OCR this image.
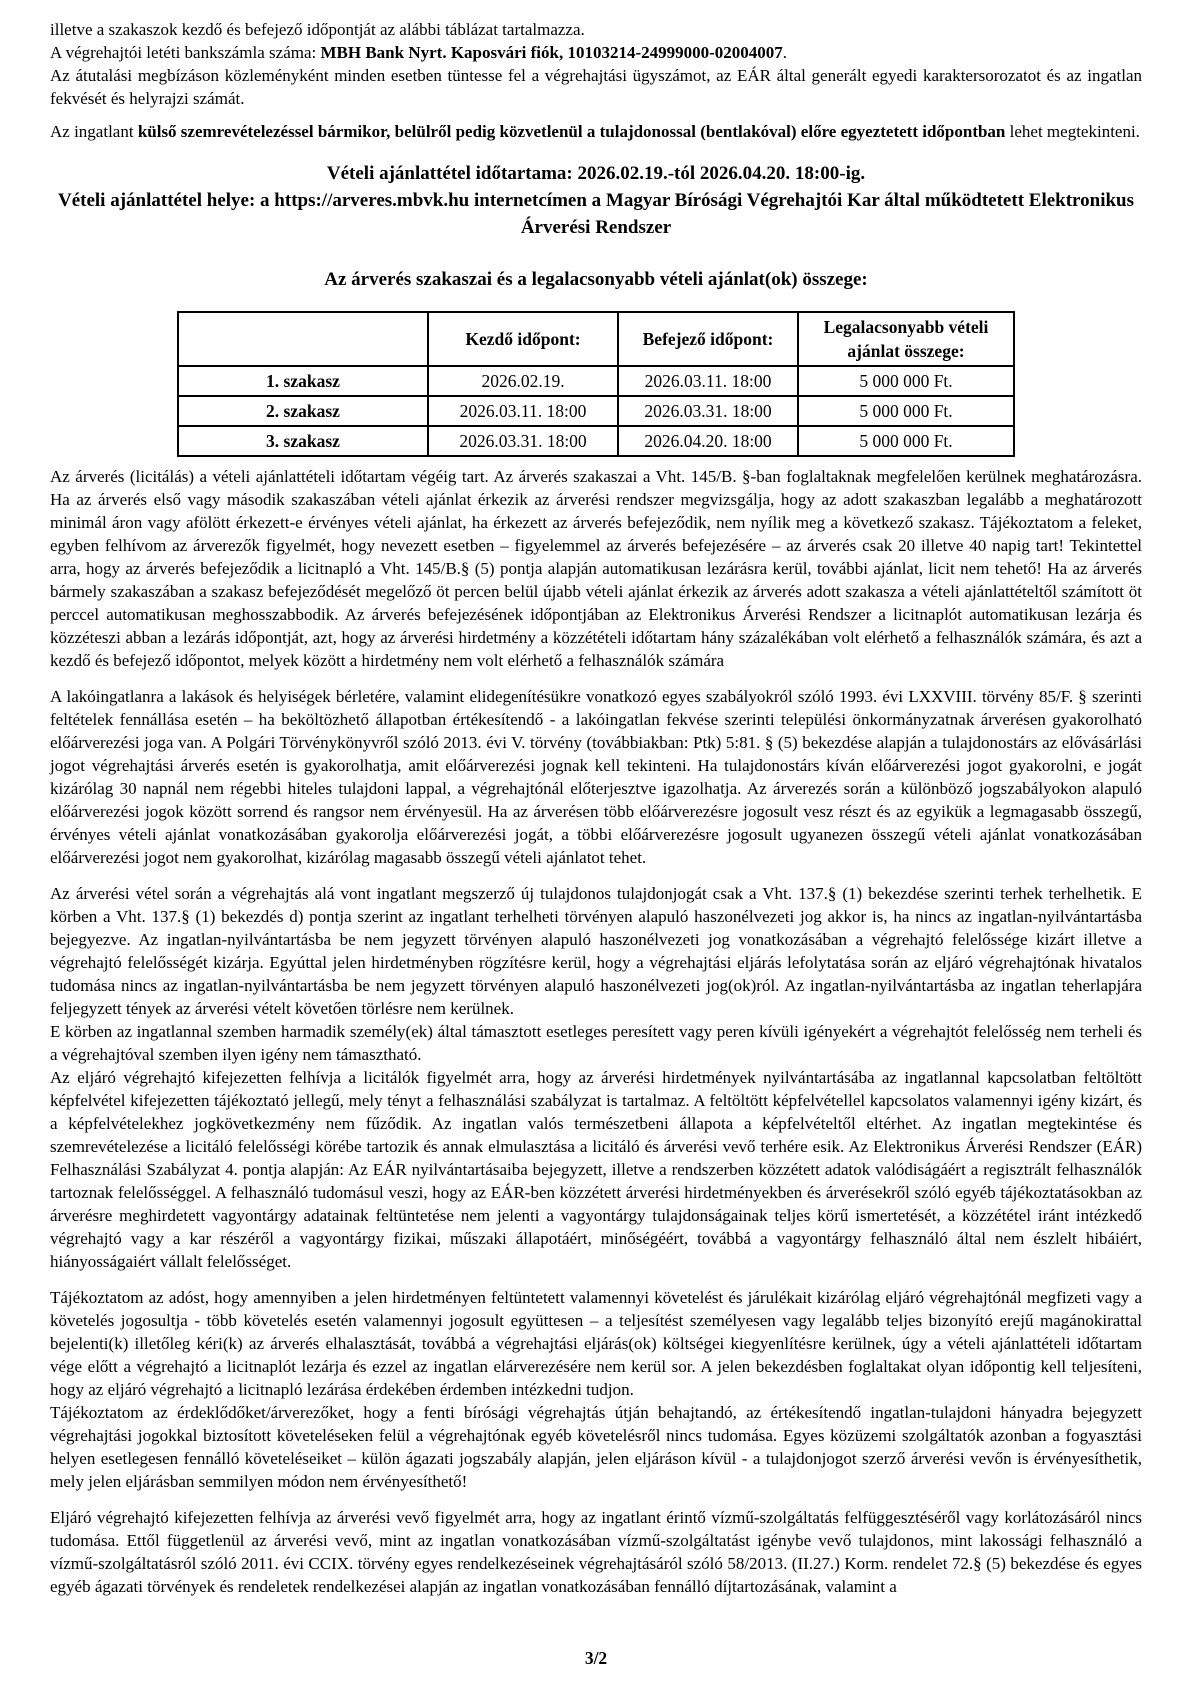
illetve a szakaszok kezdő és befejező időpontját az alábbi táblázat tartalmazza.

A végrehajtói letéti bankszámla száma: MBH Bank Nyrt. Kaposvári fiók, 10103214-24999000-02004007.

Az átutalási megbízáson közleményként minden esetben tüntesse fel a végrehajtási ügyszámot, az EÁR által generált egyedi karaktersorozatot és az ingatlan fekvését és helyrajzi számát.

Az ingatlant külső szemrevételezéssel bármikor, belülről pedig közvetlenül a tulajdonossal (bentlakóval) előre egyeztetett időpontban lehet megtekinteni.

Vételi ajánlattétel időtartama: 2026.02.19.-tól 2026.04.20. 18:00-ig.
Vételi ajánlattétel helye: a https://arveres.mbvk.hu internetcímen a Magyar Bírósági Végrehajtói Kar által működtetett Elektronikus Árverési Rendszer
Az árverés szakaszai és a legalacsonyabb vételi ajánlat(ok) összege:
	Kezdő időpont:	Befejező időpont:	Legalacsonyabb vételi ajánlat összege:
1. szakasz	2026.02.19.	2026.03.11. 18:00	5 000 000 Ft.
2. szakasz	2026.03.11. 18:00	2026.03.31. 18:00	5 000 000 Ft.
3. szakasz	2026.03.31. 18:00	2026.04.20. 18:00	5 000 000 Ft.

Az árverés (licitálás) a vételi ajánlattételi időtartam végéig tart. Az árverés szakaszai a Vht. 145/B. §-ban foglaltaknak megfelelően kerülnek meghatározásra. Ha az árverés első vagy második szakaszában vételi ajánlat érkezik az árverési rendszer megvizsgálja, hogy az adott szakaszban legalább a meghatározott minimál áron vagy afölött érkezett-e érvényes vételi ajánlat, ha érkezett az árverés befejeződik, nem nyílik meg a következő szakasz. Tájékoztatom a feleket, egyben felhívom az árverezők figyelmét, hogy nevezett esetben – figyelemmel az árverés befejezésére – az árverés csak 20 illetve 40 napig tart! Tekintettel arra, hogy az árverés befejeződik a licitnapló a Vht. 145/B.§ (5) pontja alapján automatikusan lezárásra kerül, további ajánlat, licit nem tehető! Ha az árverés bármely szakaszában a szakasz befejeződését megelőző öt percen belül újabb vételi ajánlat érkezik az árverés adott szakasza a vételi ajánlattételtől számított öt perccel automatikusan meghosszabbodik. Az árverés befejezésének időpontjában az Elektronikus Árverési Rendszer a licitnaplót automatikusan lezárja és közzéteszi abban a lezárás időpontját, azt, hogy az árverési hirdetmény a közzétételi időtartam hány százalékában volt elérhető a felhasználók számára, és azt a kezdő és befejező időpontot, melyek között a hirdetmény nem volt elérhető a felhasználók számára

A lakóingatlanra a lakások és helyiségek bérletére, valamint elidegenítésükre vonatkozó egyes szabályokról szóló 1993. évi LXXVIII. törvény 85/F. § szerinti feltételek fennállása esetén – ha beköltözhető állapotban értékesítendő - a lakóingatlan fekvése szerinti települési önkormányzatnak árverésen gyakorolható előárverezési joga van. A Polgári Törvénykönyvről szóló 2013. évi V. törvény (továbbiakban: Ptk) 5:81. § (5) bekezdése alapján a tulajdonostárs az elővásárlási jogot végrehajtási árverés esetén is gyakorolhatja, amit előárverezési jognak kell tekinteni. Ha tulajdonostárs kíván előárverezési jogot gyakorolni, e jogát kizárólag 30 napnál nem régebbi hiteles tulajdoni lappal, a végrehajtónál előterjesztve igazolhatja. Az árverezés során a különböző jogszabályokon alapuló előárverezési jogok között sorrend és rangsor nem érvényesül. Ha az árverésen több előárverezésre jogosult vesz részt és az egyikük a legmagasabb összegű, érvényes vételi ajánlat vonatkozásában gyakorolja előárverezési jogát, a többi előárverezésre jogosult ugyanezen összegű vételi ajánlat vonatkozásában előárverezési jogot nem gyakorolhat, kizárólag magasabb összegű vételi ajánlatot tehet.

Az árverési vétel során a végrehajtás alá vont ingatlant megszerző új tulajdonos tulajdonjogát csak a Vht. 137.§ (1) bekezdése szerinti terhek terhelhetik. E körben a Vht. 137.§ (1) bekezdés d) pontja szerint az ingatlant terhelheti törvényen alapuló haszonélvezeti jog akkor is, ha nincs az ingatlan-nyilvántartásba bejegyezve. Az ingatlan-nyilvántartásba be nem jegyzett törvényen alapuló haszonélvezeti jog vonatkozásában a végrehajtó felelőssége kizárt illetve a végrehajtó felelősségét kizárja. Egyúttal jelen hirdetményben rögzítésre kerül, hogy a végrehajtási eljárás lefolytatása során az eljáró végrehajtónak hivatalos tudomása nincs az ingatlan-nyilvántartásba be nem jegyzett törvényen alapuló haszonélvezeti jog(ok)ról. Az ingatlan-nyilvántartásba az ingatlan teherlapjára feljegyzett tények az árverési vételt követően törlésre nem kerülnek.

E körben az ingatlannal szemben harmadik személy(ek) által támasztott esetleges peresített vagy peren kívüli igényekért a végrehajtót felelősség nem terheli és a végrehajtóval szemben ilyen igény nem támasztható.

Az eljáró végrehajtó kifejezetten felhívja a licitálók figyelmét arra, hogy az árverési hirdetmények nyilvántartásába az ingatlannal kapcsolatban feltöltött képfelvétel kifejezetten tájékoztató jellegű, mely tényt a felhasználási szabályzat is tartalmaz. A feltöltött képfelvétellel kapcsolatos valamennyi igény kizárt, és a képfelvételekhez jogkövetkezmény nem fűződik. Az ingatlan valós természetbeni állapota a képfelvételtől eltérhet. Az ingatlan megtekintése és szemrevételezése a licitáló felelősségi körébe tartozik és annak elmulasztása a licitáló és árverési vevő terhére esik. Az Elektronikus Árverési Rendszer (EÁR) Felhasználási Szabályzat 4. pontja alapján: Az EÁR nyilvántartásaiba bejegyzett, illetve a rendszerben közzétett adatok valódiságáért a regisztrált felhasználók tartoznak felelősséggel. A felhasználó tudomásul veszi, hogy az EÁR-ben közzétett árverési hirdetményekben és árverésekről szóló egyéb tájékoztatásokban az árverésre meghirdetett vagyontárgy adatainak feltüntetése nem jelenti a vagyontárgy tulajdonságainak teljes körű ismertetését, a közzététel iránt intézkedő végrehajtó vagy a kar részéről a vagyontárgy fizikai, műszaki állapotáért, minőségéért, továbbá a vagyontárgy felhasználó által nem észlelt hibáiért, hiányosságaiért vállalt felelősséget.

Tájékoztatom az adóst, hogy amennyiben a jelen hirdetményen feltüntetett valamennyi követelést és járulékait kizárólag eljáró végrehajtónál megfizeti vagy a követelés jogosultja - több követelés esetén valamennyi jogosult együttesen – a teljesítést személyesen vagy legalább teljes bizonyító erejű magánokirattal bejelenti(k) illetőleg kéri(k) az árverés elhalasztását, továbbá a végrehajtási eljárás(ok) költségei kiegyenlítésre kerülnek, úgy a vételi ajánlattételi időtartam vége előtt a végrehajtó a licitnaplót lezárja és ezzel az ingatlan elárverezésére nem kerül sor. A jelen bekezdésben foglaltakat olyan időpontig kell teljesíteni, hogy az eljáró végrehajtó a licitnapló lezárása érdekében érdemben intézkedni tudjon.

Tájékoztatom az érdeklődőket/árverezőket, hogy a fenti bírósági végrehajtás útján behajtandó, az értékesítendő ingatlan-tulajdoni hányadra bejegyzett végrehajtási jogokkal biztosított követeléseken felül a végrehajtónak egyéb követelésről nincs tudomása. Egyes közüzemi szolgáltatók azonban a fogyasztási helyen esetlegesen fennálló követeléseiket – külön ágazati jogszabály alapján, jelen eljáráson kívül - a tulajdonjogot szerző árverési vevőn is érvényesíthetik, mely jelen eljárásban semmilyen módon nem érvényesíthető!

Eljáró végrehajtó kifejezetten felhívja az árverési vevő figyelmét arra, hogy az ingatlant érintő vízmű-szolgáltatás felfüggesztéséről vagy korlátozásáról nincs tudomása. Ettől függetlenül az árverési vevő, mint az ingatlan vonatkozásában vízmű-szolgáltatást igénybe vevő tulajdonos, mint lakossági felhasználó a vízmű-szolgáltatásról szóló 2011. évi CCIX. törvény egyes rendelkezéseinek végrehajtásáról szóló 58/2013. (II.27.) Korm. rendelet 72.§ (5) bekezdése és egyes egyéb ágazati törvények és rendeletek rendelkezései alapján az ingatlan vonatkozásában fennálló díjtartozásának, valamint a

3/2
